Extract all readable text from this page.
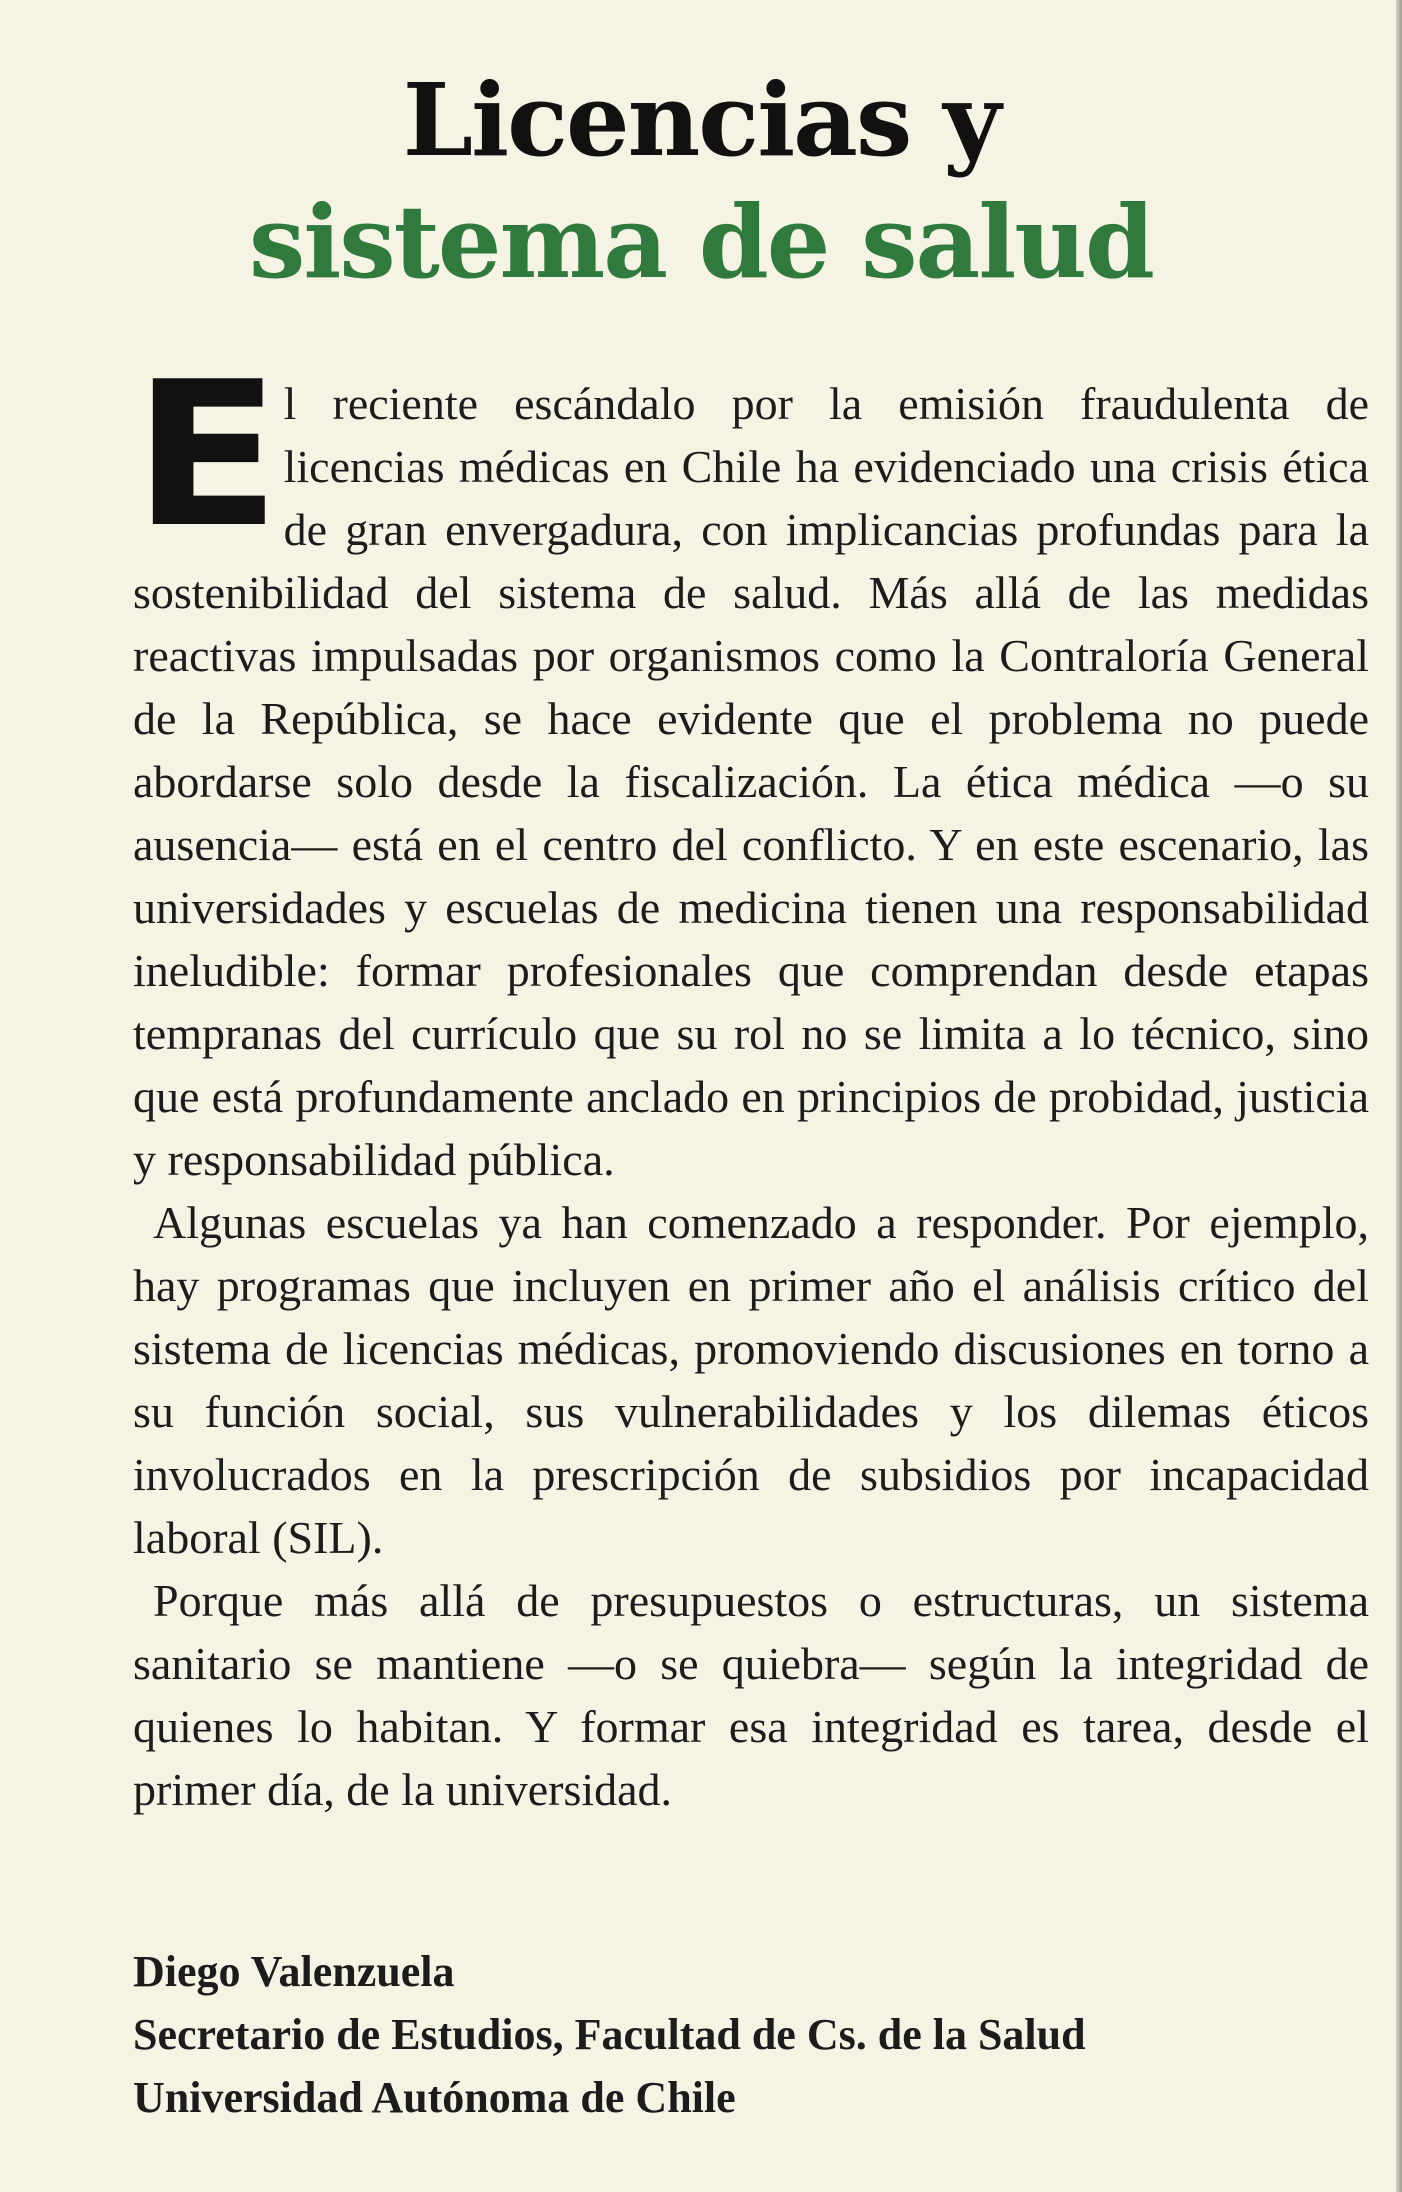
Licencias y
sistema de salud

El reciente escándalo por la emisión fraudulenta de licencias médicas en Chile ha evidenciado una crisis ética de gran envergadura, con implicancias profundas para la sostenibilidad del sistema de salud. Más allá de las medidas reactivas impulsadas por organismos como la Contraloría General de la República, se hace evidente que el problema no puede abordarse solo desde la fiscalización. La ética médica —o su ausencia— está en el centro del conflicto. Y en este escenario, las universidades y escuelas de medicina tienen una responsabilidad ineludible: formar profesionales que comprendan desde etapas tempranas del currículo que su rol no se limita a lo técnico, sino que está profundamente anclado en principios de probidad, justicia y responsabilidad pública.

Algunas escuelas ya han comenzado a responder. Por ejemplo, hay programas que incluyen en primer año el análisis crítico del sistema de licencias médicas, promoviendo discusiones en torno a su función social, sus vulnerabilidades y los dilemas éticos involucrados en la prescripción de subsidios por incapacidad laboral (SIL).

Porque más allá de presupuestos o estructuras, un sistema sanitario se mantiene —o se quiebra— según la integridad de quienes lo habitan. Y formar esa integridad es tarea, desde el primer día, de la universidad.

Diego Valenzuela
Secretario de Estudios, Facultad de Cs. de la Salud
Universidad Autónoma de Chile
